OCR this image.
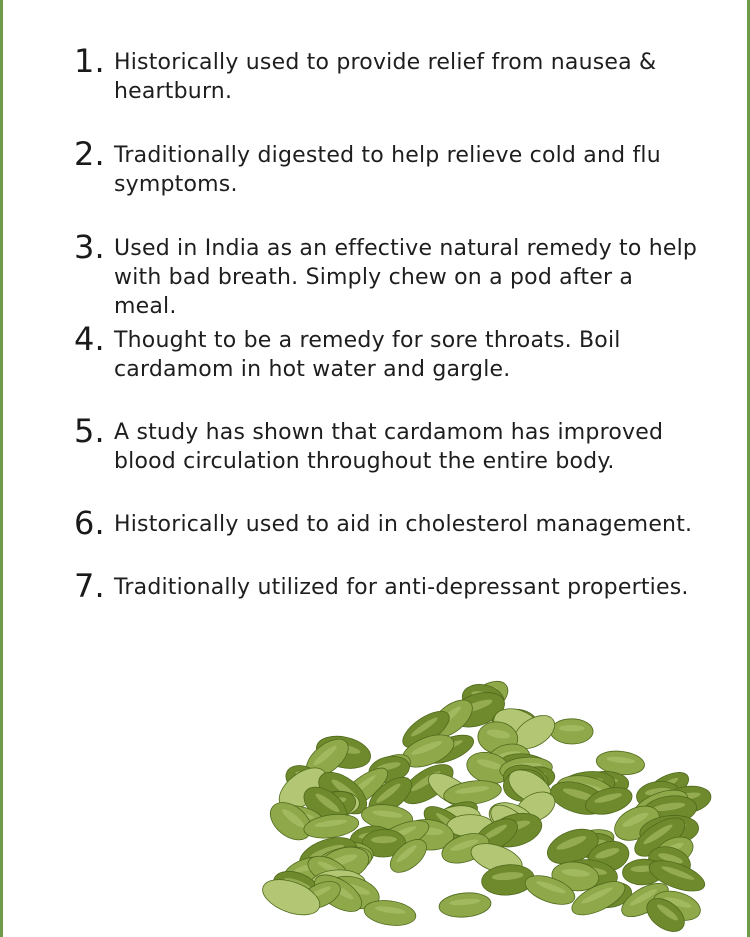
1. Historically used to provide relief from nausea & heartburn.
2. Traditionally digested to help relieve cold and flu symptoms.
3. Used in India as an effective natural remedy to help with bad breath. Simply chew on a pod after a meal.
4. Thought to be a remedy for sore throats. Boil cardamom in hot water and gargle.
5. A study has shown that cardamom has improved blood circulation throughout the entire body.
6. Historically used to aid in cholesterol management.
7. Traditionally utilized for anti-depressant properties.
